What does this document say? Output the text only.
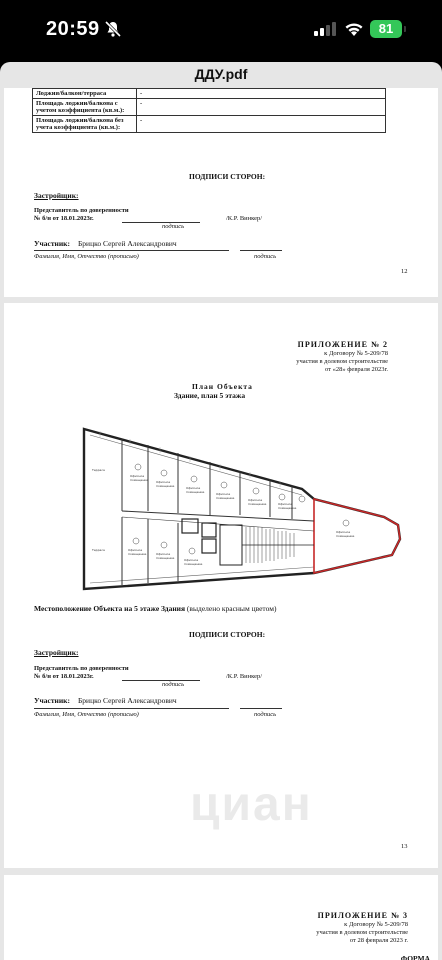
20:59	81
ДДУ.pdf
Лоджия/балкон/терраса	-
Площадь лоджии/балкона с учетом коэффициента (кв.м.):	-
Площадь лоджии/балкона без учета коэффициента (кв.м.):	-
ПОДПИСИ СТОРОН:
Застройщик:
Представитель по доверенности
№ б/н от 18.01.2023г.
подпись
/К.Р. Винкер/
Участник: Брицко Сергей Александрович
Фамилия, Имя, Отчество (прописью)	подпись
12
ПРИЛОЖЕНИЕ № 2
к Договору № 5-209/78
участия в долевом строительстве
от «28» февраля 2023г.
План Объекта
Здание, план 5 этажа
Офисное
помещение	Офисное
помещение	Офисное
помещение	Офисное
помещение	Офисное
помещение	Офисное
помещение
Офисное
помещение
Офисное
помещение	Офисное
помещение	Офисное
помещение
Терраса
Терраса
Местоположение Объекта на 5 этаже Здания (выделено красным цветом)
ПОДПИСИ СТОРОН:
Застройщик:
Представитель по доверенности
№ б/н от 18.01.2023г.
подпись
/К.Р. Винкер/
Участник: Брицко Сергей Александрович
Фамилия, Имя, Отчество (прописью)	подпись
циан
13
ПРИЛОЖЕНИЕ № 3
к Договору № 5-209/78
участия в долевом строительстве
от 28 февраля 2023 г.
ФОРМА
